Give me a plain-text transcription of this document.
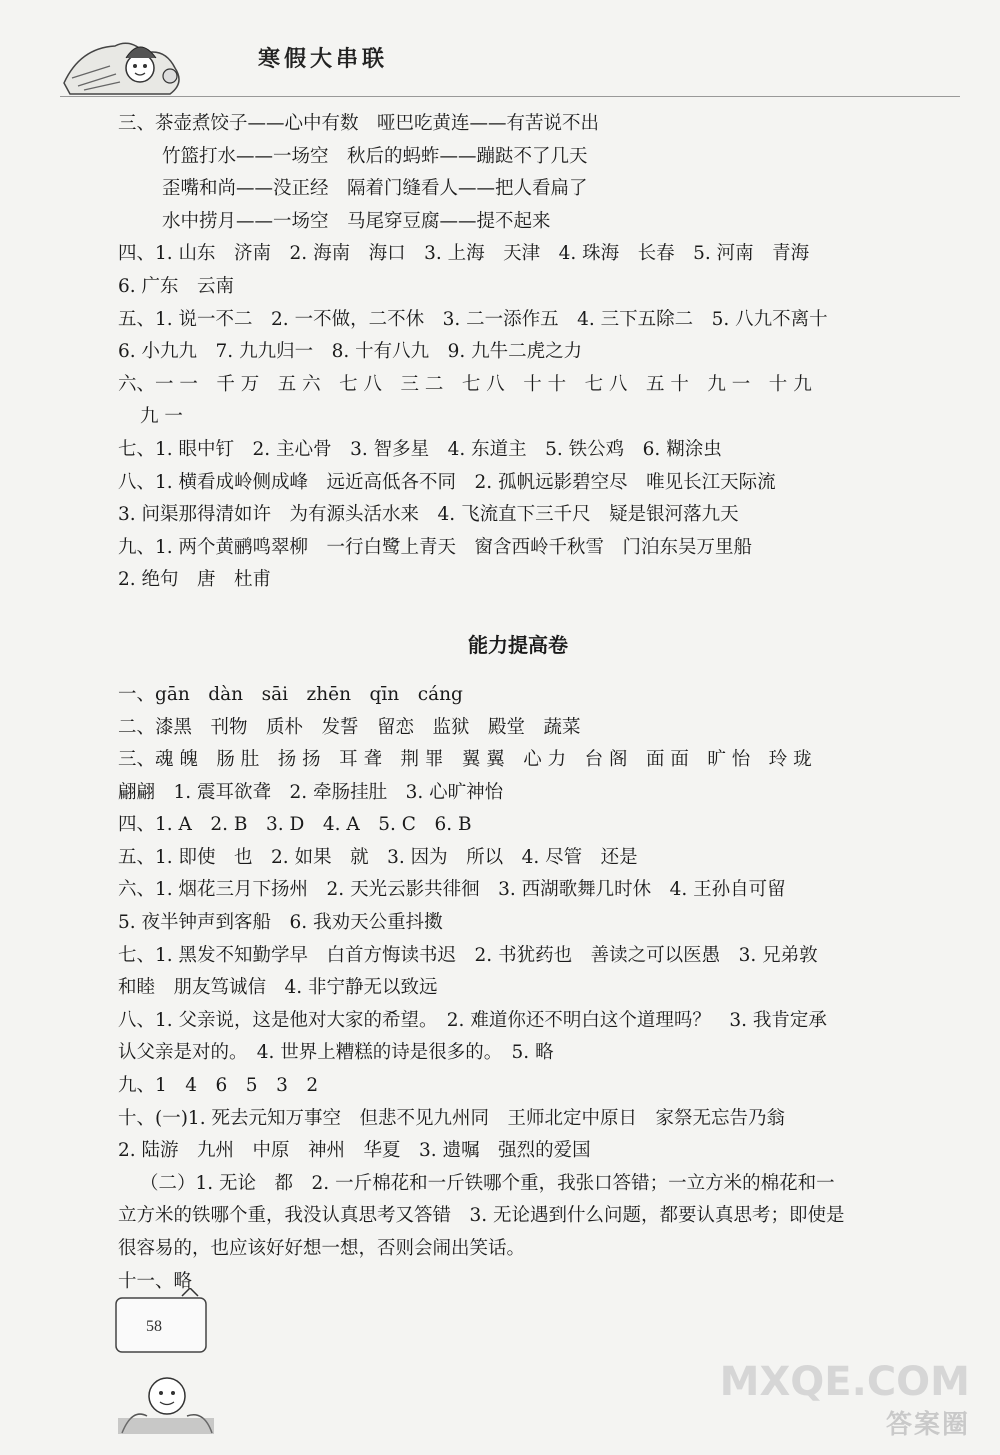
寒假大串联
三、茶壶煮饺子——心中有数　哑巴吃黄连——有苦说不出
竹篮打水——一场空　秋后的蚂蚱——蹦跶不了几天
歪嘴和尚——没正经　隔着门缝看人——把人看扁了
水中捞月——一场空　马尾穿豆腐——提不起来
四、1. 山东　济南　2. 海南　海口　3. 上海　天津　4. 珠海　长春　5. 河南　青海
6. 广东　云南
五、1. 说一不二　2. 一不做，二不休　3. 二一添作五　4. 三下五除二　5. 八九不离十
6. 小九九　7. 九九归一　8. 十有八九　9. 九牛二虎之力
六、一 一　千 万　五 六　七 八　三 二　七 八　十 十　七 八　五 十　九 一　十 九
九 一
七、1. 眼中钉　2. 主心骨　3. 智多星　4. 东道主　5. 铁公鸡　6. 糊涂虫
八、1. 横看成岭侧成峰　远近高低各不同　2. 孤帆远影碧空尽　唯见长江天际流
3. 问渠那得清如许　为有源头活水来　4. 飞流直下三千尺　疑是银河落九天
九、1. 两个黄鹂鸣翠柳　一行白鹭上青天　窗含西岭千秋雪　门泊东吴万里船
2. 绝句　唐　杜甫
能力提高卷
一、gān　dàn　sāi　zhēn　qīn　cáng
二、漆黑　刊物　质朴　发誓　留恋　监狱　殿堂　蔬菜
三、魂 魄　肠 肚　扬 扬　耳 聋　荆 罪　翼 翼　心 力　台 阁　面 面　旷 怡　玲 珑
翩翩　1. 震耳欲聋　2. 牵肠挂肚　3. 心旷神怡
四、1. A　2. B　3. D　4. A　5. C　6. B
五、1. 即使　也　2. 如果　就　3. 因为　所以　4. 尽管　还是
六、1. 烟花三月下扬州　2. 天光云影共徘徊　3. 西湖歌舞几时休　4. 王孙自可留
5. 夜半钟声到客船　6. 我劝天公重抖擞
七、1. 黑发不知勤学早　白首方悔读书迟　2. 书犹药也　善读之可以医愚　3. 兄弟敦
和睦　朋友笃诚信　4. 非宁静无以致远
八、1. 父亲说，这是他对大家的希望。　2. 难道你还不明白这个道理吗？　3. 我肯定承
认父亲是对的。　4. 世界上糟糕的诗是很多的。　5. 略
九、1　4　6　5　3　2
十、(一)1. 死去元知万事空　但悲不见九州同　王师北定中原日　家祭无忘告乃翁
2. 陆游　九州　中原　神州　华夏　3. 遗嘱　强烈的爱国
（二）1. 无论　都　2. 一斤棉花和一斤铁哪个重，我张口答错；一立方米的棉花和一
立方米的铁哪个重，我没认真思考又答错　3. 无论遇到什么问题，都要认真思考；即使是
很容易的，也应该好好想一想，否则会闹出笑话。
十一、略
58
MXQE.COM
答案圈
